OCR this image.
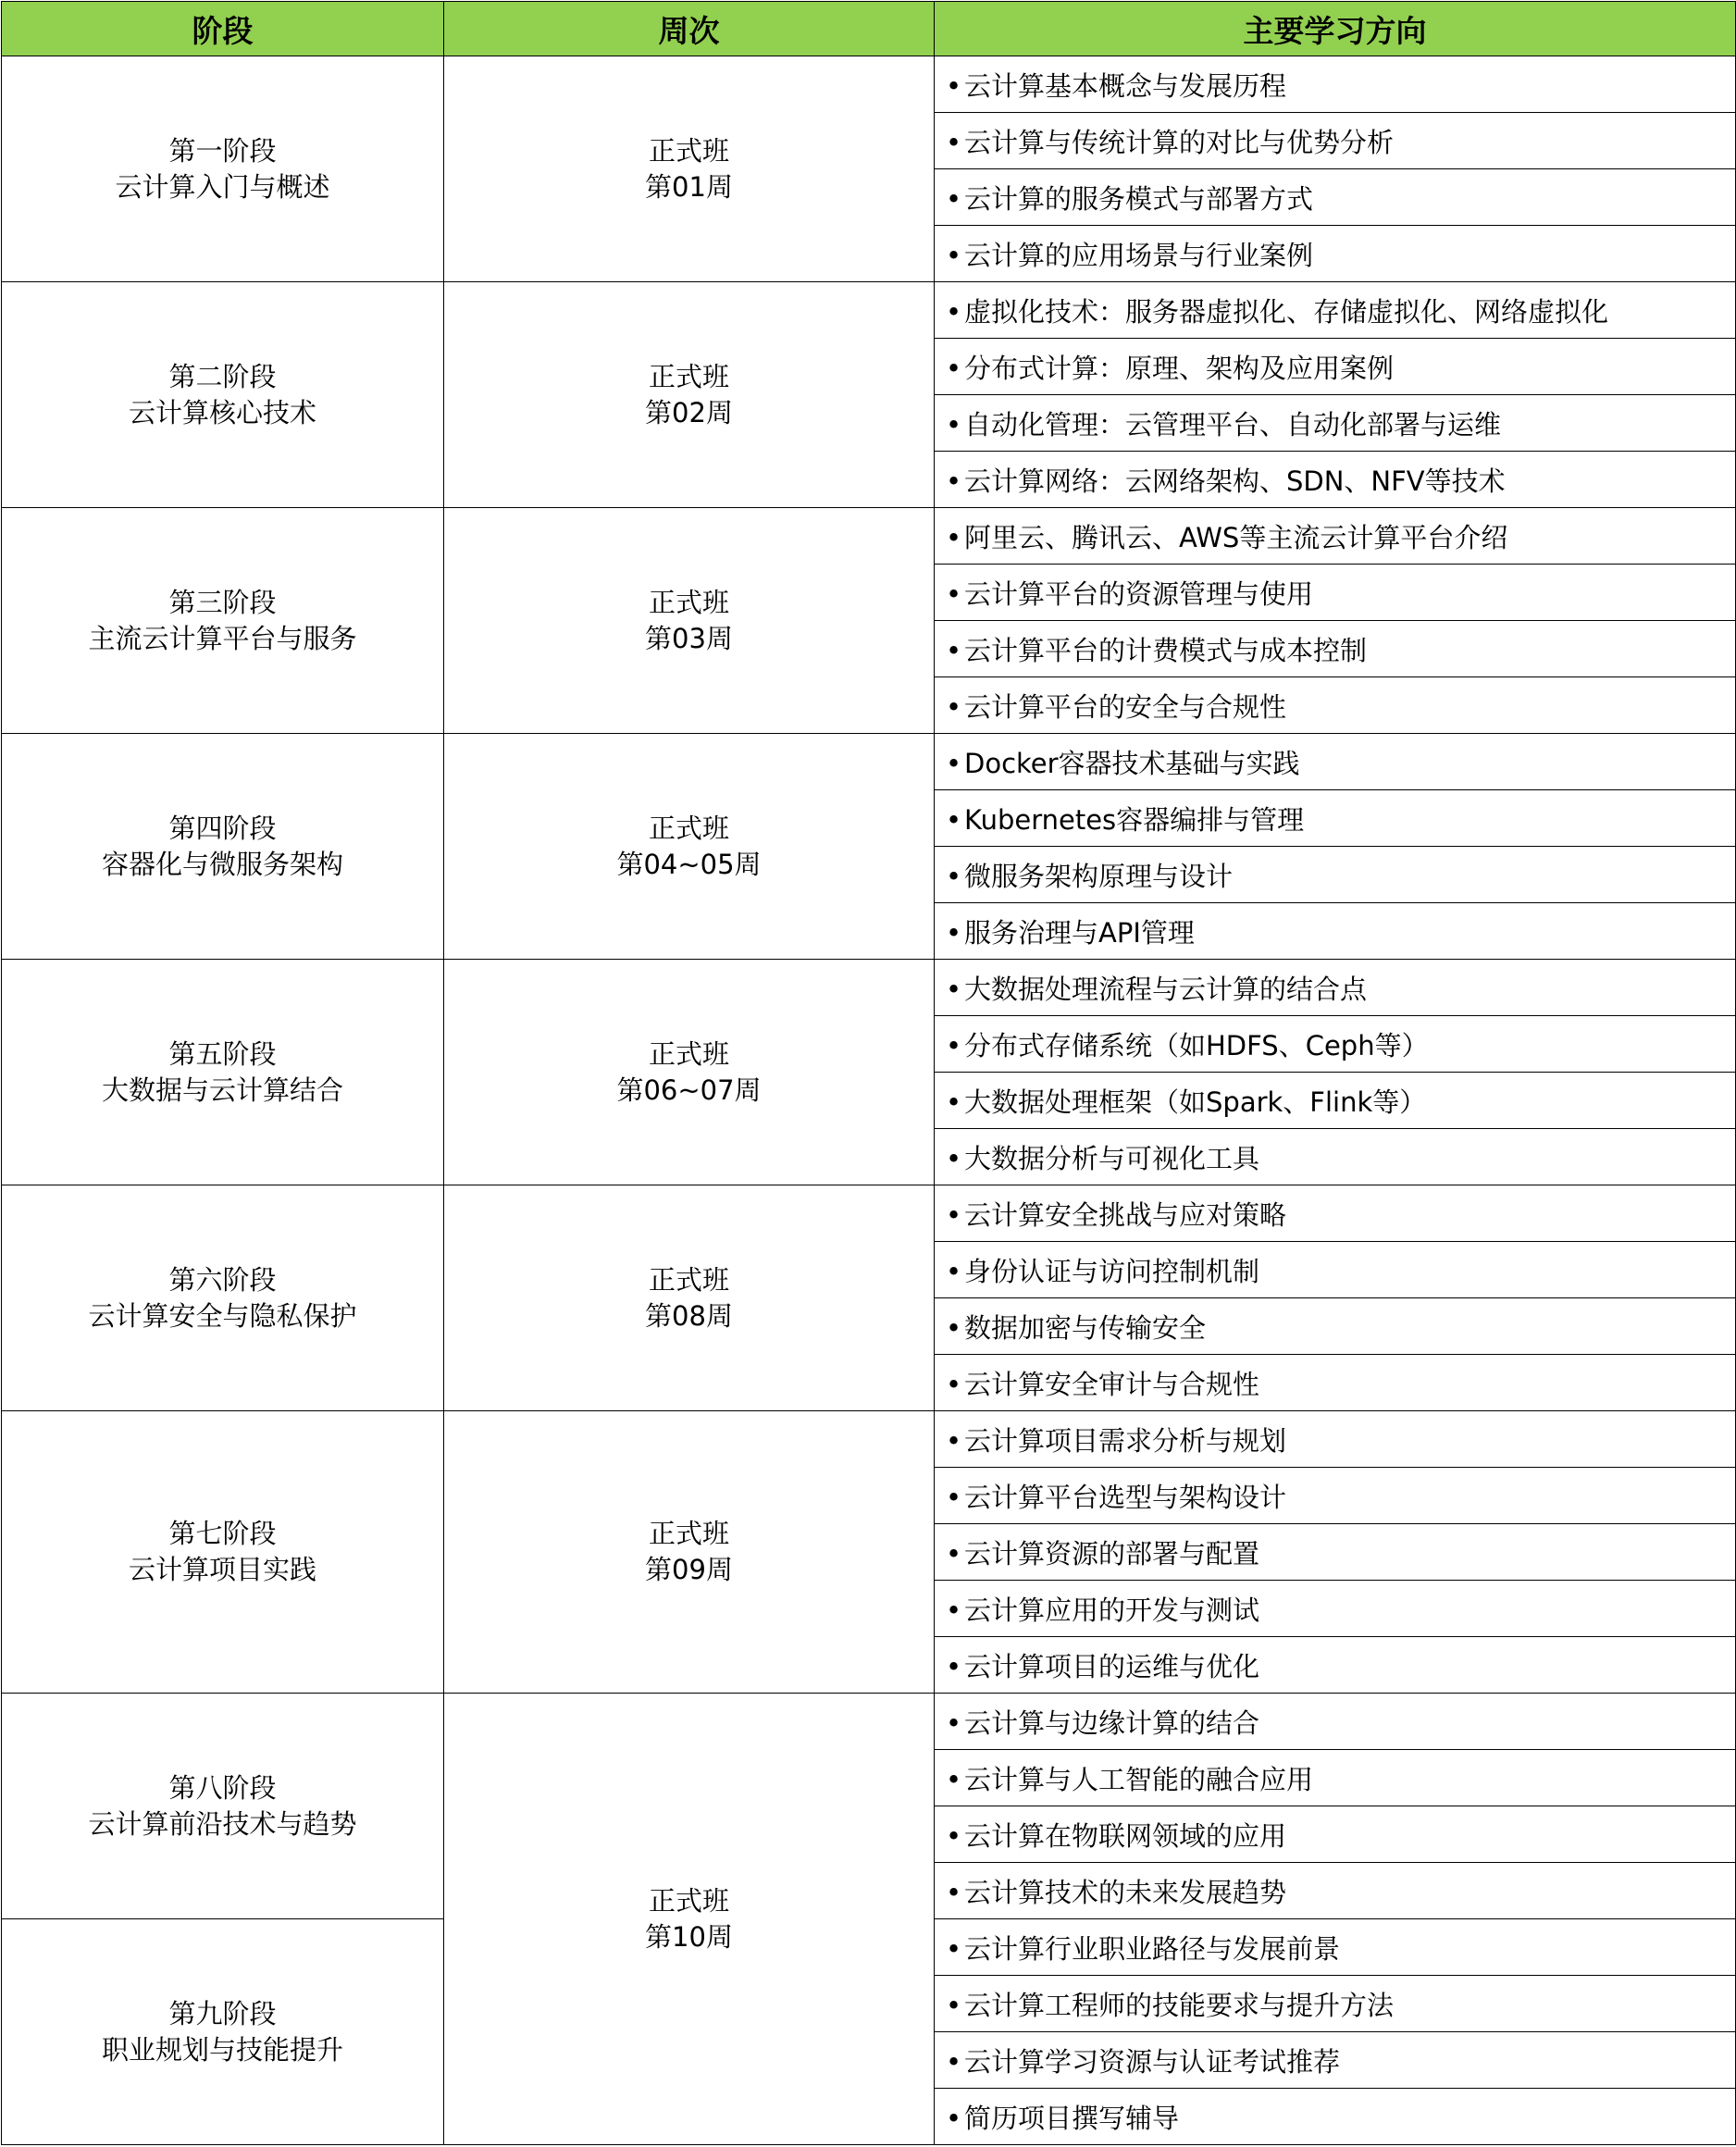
阶段	周次	主要学习方向

第一阶段
云计算入门与概述	正式班
第01周	•云计算基本概念与发展历程
		•云计算与传统计算的对比与优势分析
		•云计算的服务模式与部署方式
		•云计算的应用场景与行业案例

第二阶段
云计算核心技术	正式班
第02周	•虚拟化技术：服务器虚拟化、存储虚拟化、网络虚拟化
		•分布式计算：原理、架构及应用案例
		•自动化管理：云管理平台、自动化部署与运维
		•云计算网络：云网络架构、SDN、NFV等技术

第三阶段
主流云计算平台与服务	正式班
第03周	•阿里云、腾讯云、AWS等主流云计算平台介绍
		•云计算平台的资源管理与使用
		•云计算平台的计费模式与成本控制
		•云计算平台的安全与合规性

第四阶段
容器化与微服务架构	正式班
第04~05周	•Docker容器技术基础与实践
		•Kubernetes容器编排与管理
		•微服务架构原理与设计
		•服务治理与API管理

第五阶段
大数据与云计算结合	正式班
第06~07周	•大数据处理流程与云计算的结合点
		•分布式存储系统（如HDFS、Ceph等）
		•大数据处理框架（如Spark、Flink等）
		•大数据分析与可视化工具

第六阶段
云计算安全与隐私保护	正式班
第08周	•云计算安全挑战与应对策略
		•身份认证与访问控制机制
		•数据加密与传输安全
		•云计算安全审计与合规性

第七阶段
云计算项目实践	正式班
第09周	•云计算项目需求分析与规划
		•云计算平台选型与架构设计
		•云计算资源的部署与配置
		•云计算应用的开发与测试
		•云计算项目的运维与优化

第八阶段
云计算前沿技术与趋势	正式班
第10周	•云计算与边缘计算的结合
		•云计算与人工智能的融合应用
		•云计算在物联网领域的应用
		•云计算技术的未来发展趋势

第九阶段
职业规划与技能提升		•云计算行业职业路径与发展前景
		•云计算工程师的技能要求与提升方法
		•云计算学习资源与认证考试推荐
		•简历项目撰写辅导
